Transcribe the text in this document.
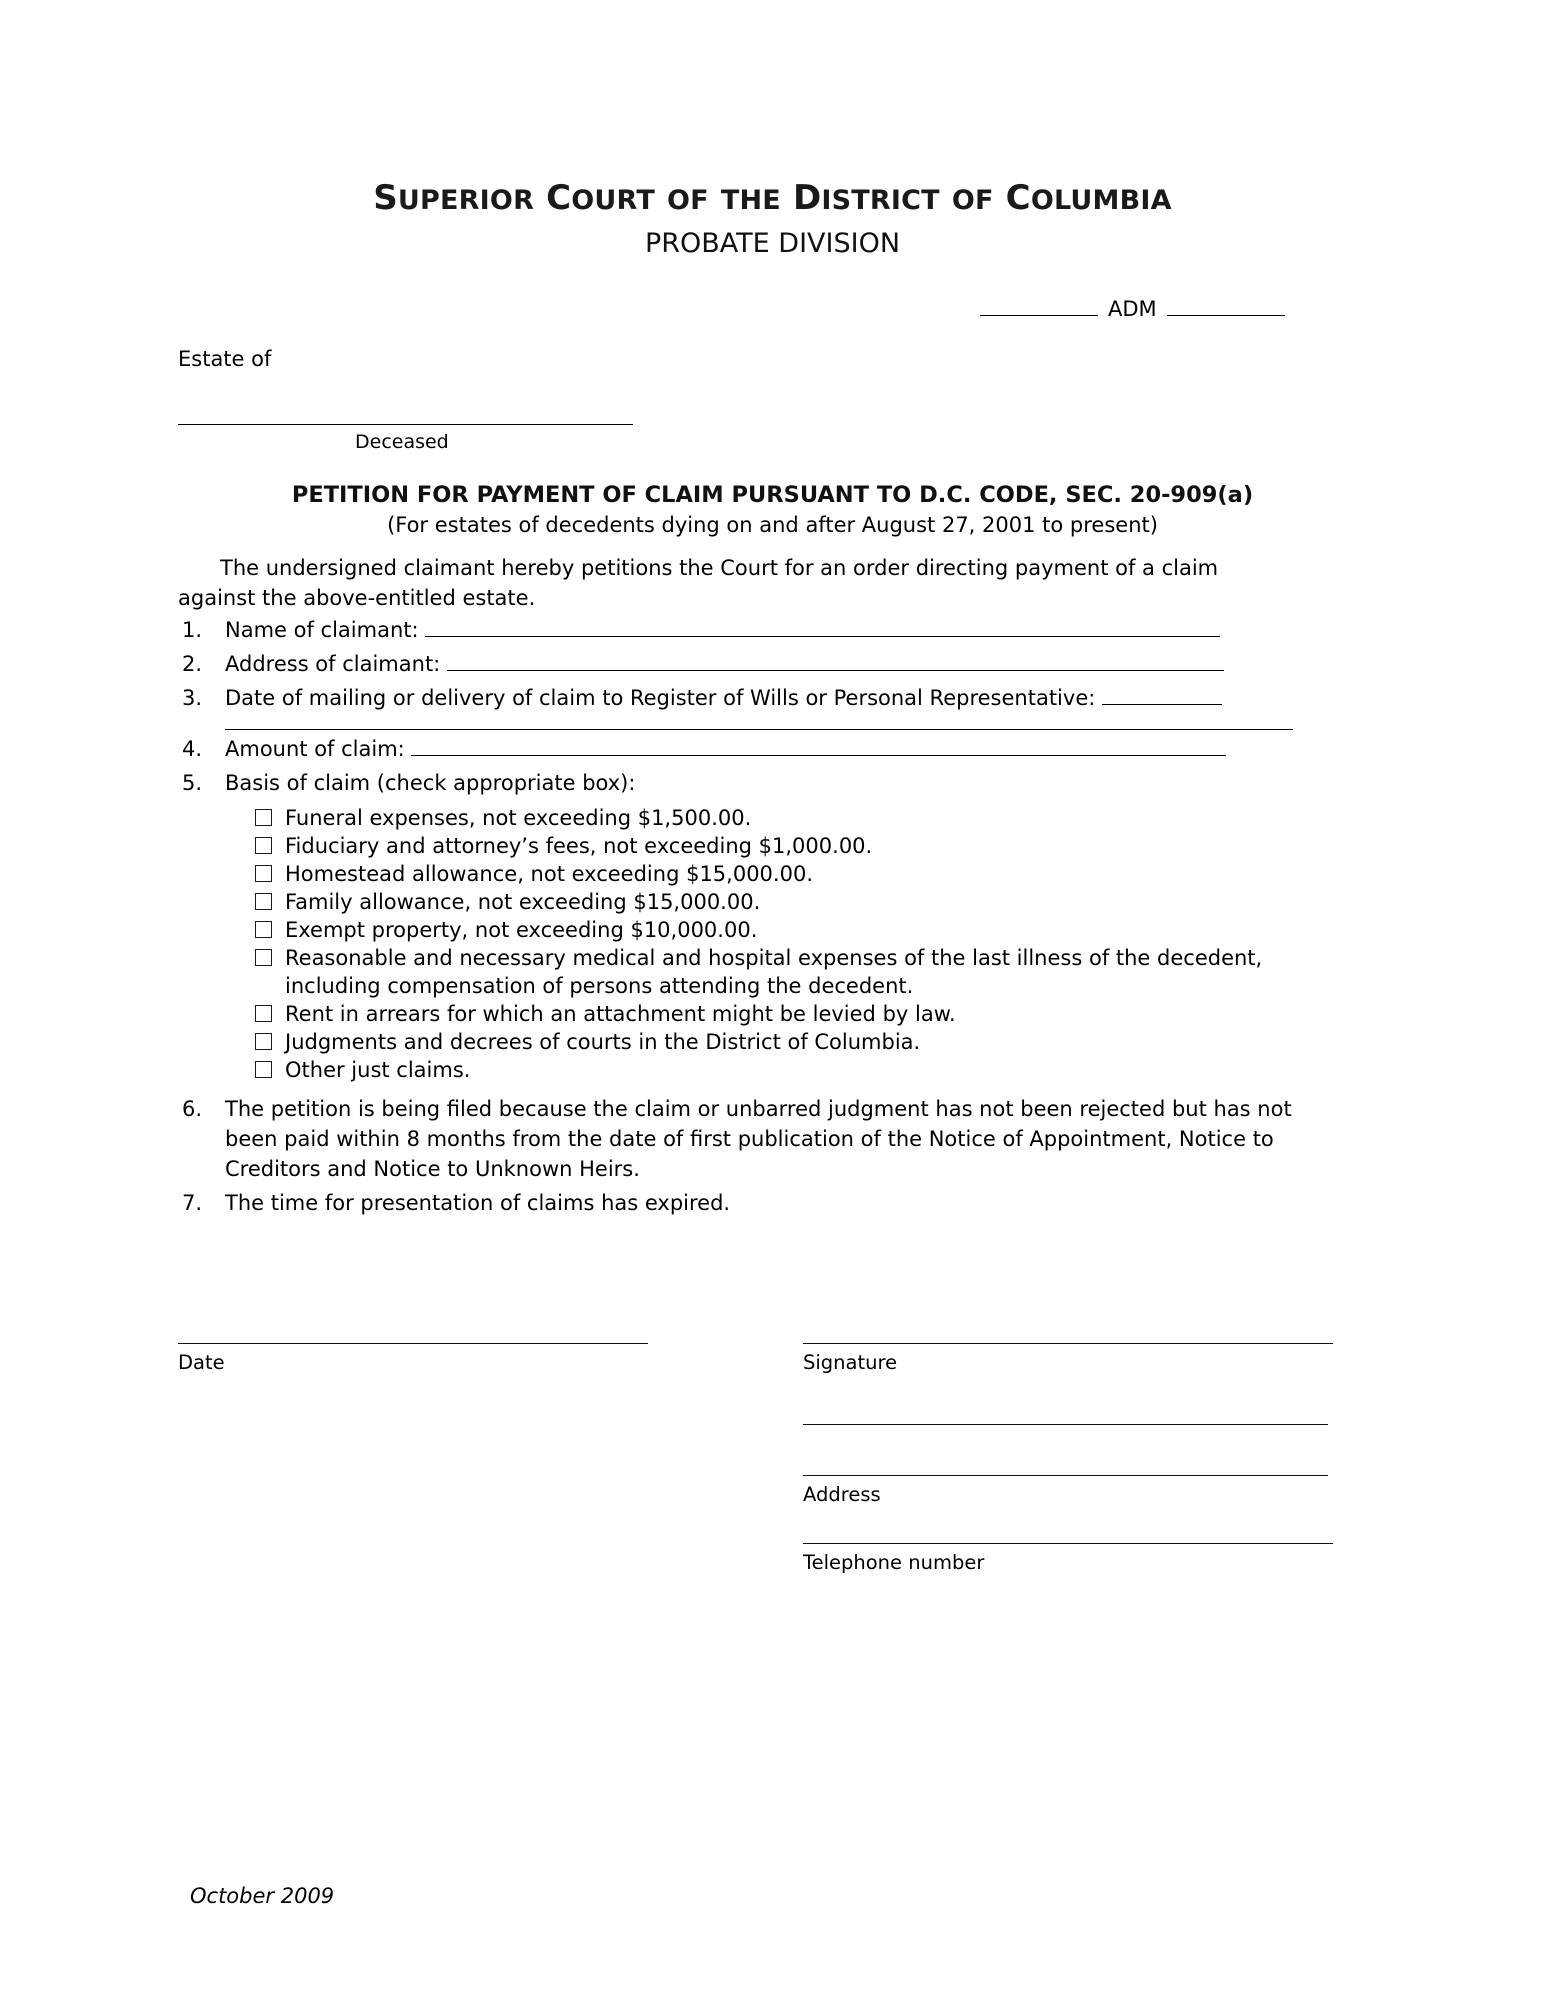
SUPERIOR COURT OF THE DISTRICT OF COLUMBIA
PROBATE DIVISION
ADM
Estate of
Deceased
PETITION FOR PAYMENT OF CLAIM PURSUANT TO D.C. CODE, SEC. 20-909(a)
(For estates of decedents dying on and after August 27, 2001 to present)
The undersigned claimant hereby petitions the Court for an order directing payment of a claim against the above-entitled estate.
1.	Name of claimant:
2.	Address of claimant:
3.	Date of mailing or delivery of claim to Register of Wills or Personal Representative:
4.	Amount of claim:
5.	Basis of claim (check appropriate box):
Funeral expenses, not exceeding $1,500.00.
Fiduciary and attorney’s fees, not exceeding $1,000.00.
Homestead allowance, not exceeding $15,000.00.
Family allowance, not exceeding $15,000.00.
Exempt property, not exceeding $10,000.00.
Reasonable and necessary medical and hospital expenses of the last illness of the decedent, including compensation of persons attending the decedent.
Rent in arrears for which an attachment might be levied by law.
Judgments and decrees of courts in the District of Columbia.
Other just claims.
6.	The petition is being filed because the claim or unbarred judgment has not been rejected but has not been paid within 8 months from the date of first publication of the Notice of Appointment, Notice to Creditors and Notice to Unknown Heirs.
7.	The time for presentation of claims has expired.
Date	Signature
Address
Telephone number
October 2009
